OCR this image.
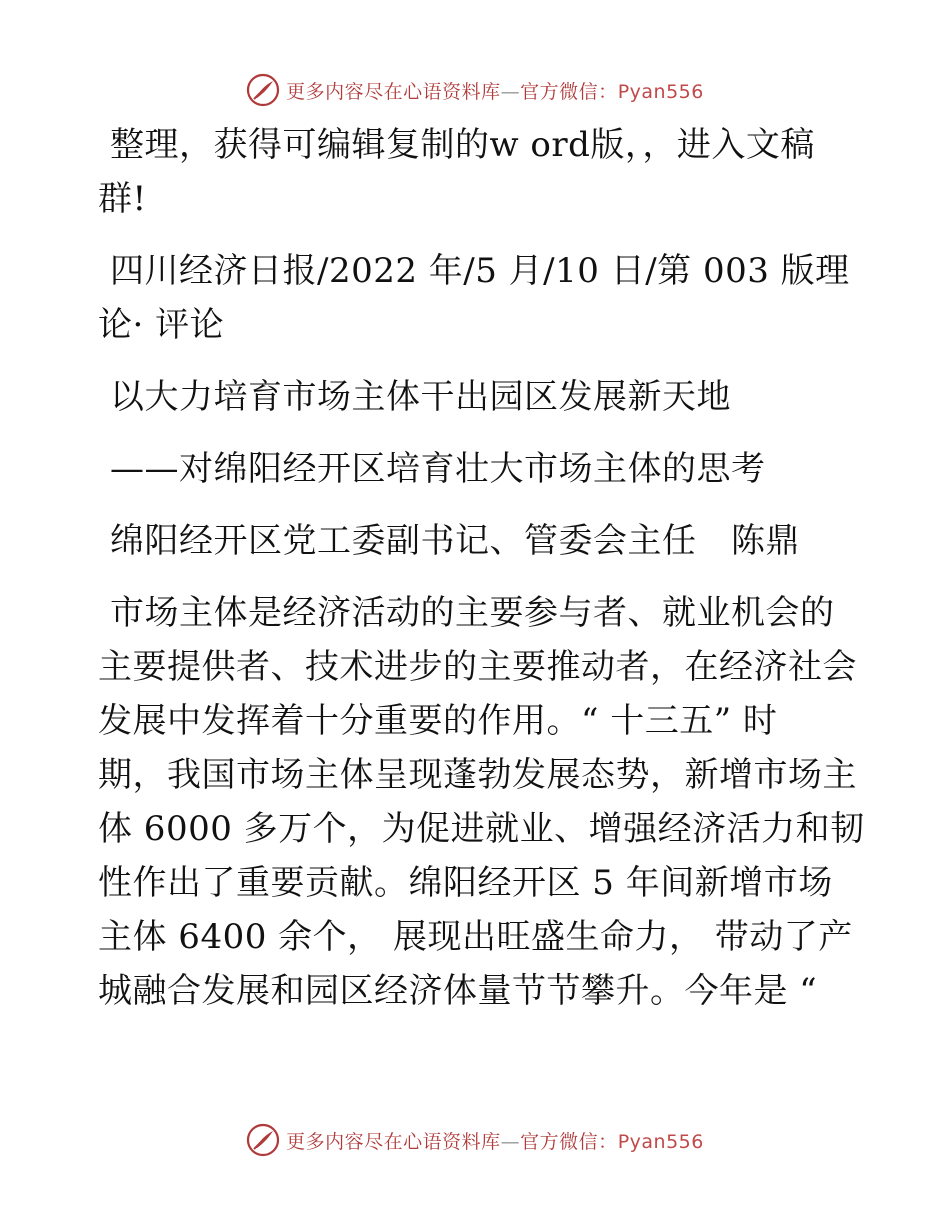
更多内容尽在心语资料库—官方微信：Pyan556

整理，获得可编辑复制的w ord版，，进入文稿群!

四川经济日报/2022 年/5 月/10 日/第 003 版理论· 评论

以大力培育市场主体干出园区发展新天地

——对绵阳经开区培育壮大市场主体的思考

绵阳经开区党工委副书记、管委会主任　陈鼎

市场主体是经济活动的主要参与者、就业机会的
主要提供者、技术进步的主要推动者，在经济社会
发展中发挥着十分重要的作用。“ 十三五” 时
期，我国市场主体呈现蓬勃发展态势，新增市场主
体 6000 多万个，为促进就业、增强经济活力和韧
性作出了重要贡献。绵阳经开区 5 年间新增市场
主体 6400 余个， 展现出旺盛生命力， 带动了产
城融合发展和园区经济体量节节攀升。今年是 “
更多内容尽在心语资料库—官方微信：Pyan556
